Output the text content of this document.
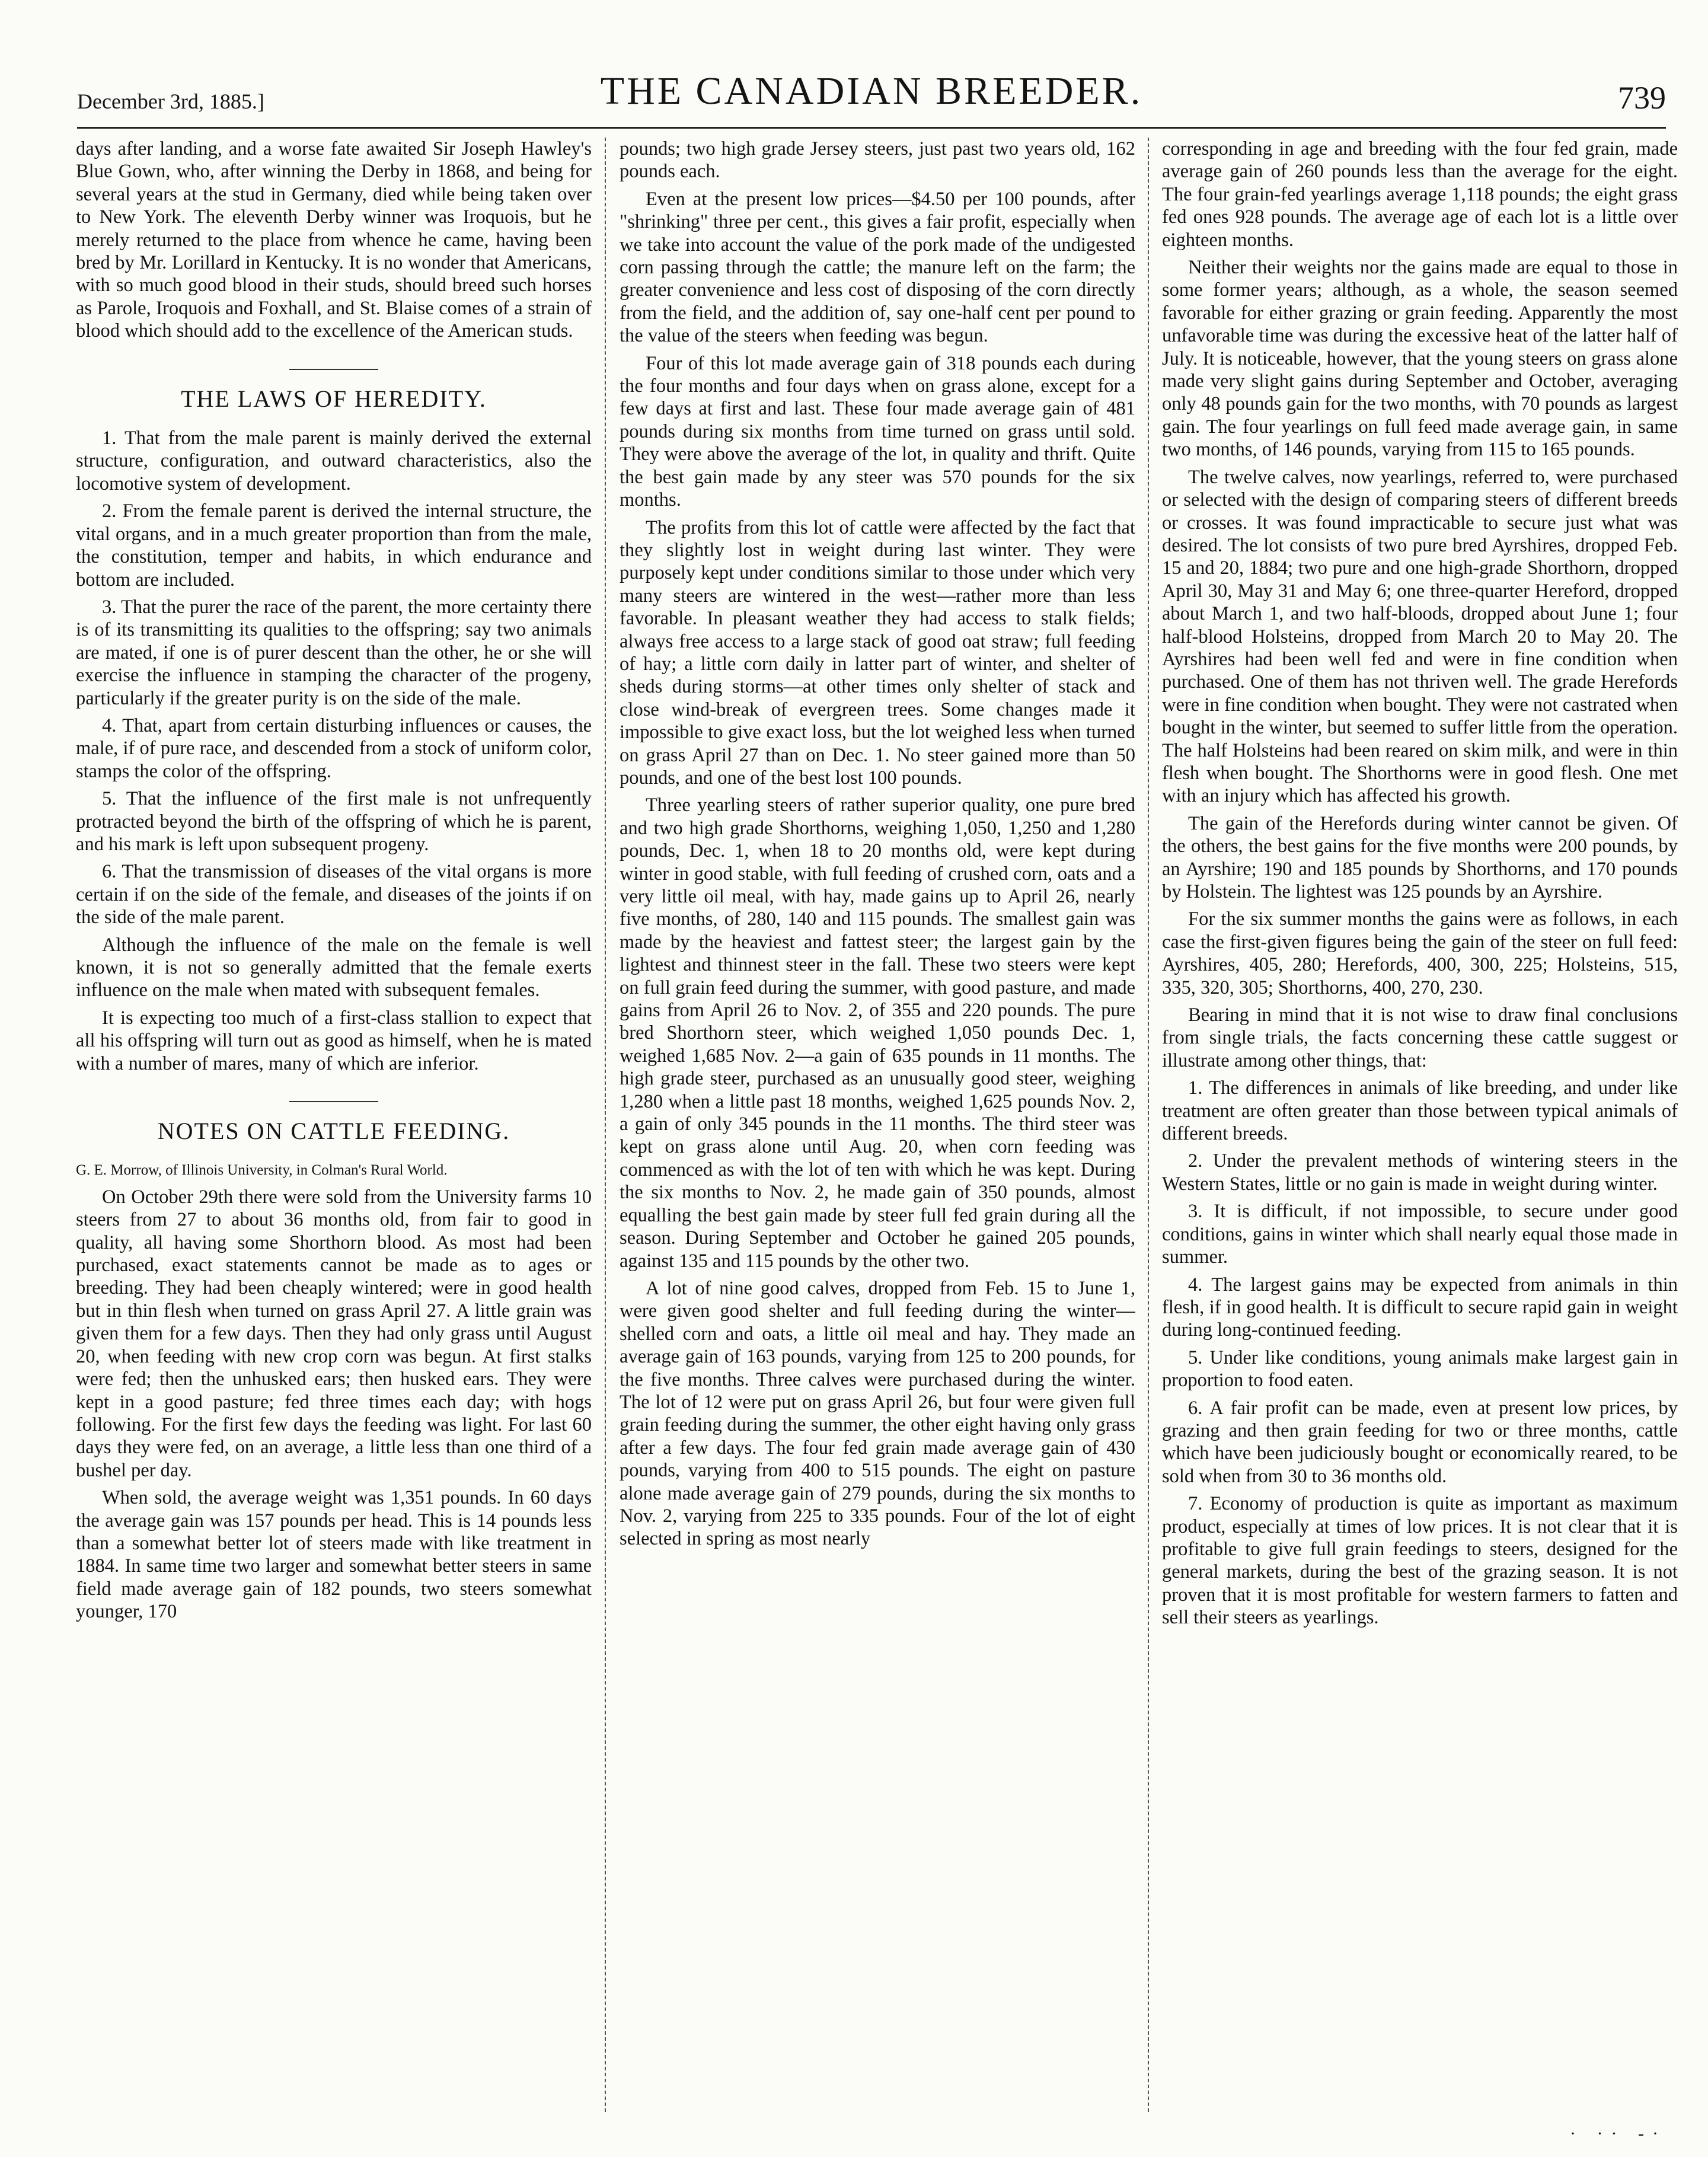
December 3rd, 1885.]	THE CANADIAN BREEDER.	739

days after landing, and a worse fate awaited Sir Joseph Hawley's Blue Gown, who, after winning the Derby in 1868, and being for several years at the stud in Germany, died while being taken over to New York. The eleventh Derby winner was Iroquois, but he merely returned to the place from whence he came, having been bred by Mr. Lorillard in Kentucky. It is no wonder that Americans, with so much good blood in their studs, should breed such horses as Parole, Iroquois and Foxhall, and St. Blaise comes of a strain of blood which should add to the excellence of the American studs.

THE LAWS OF HEREDITY.

1. That from the male parent is mainly derived the external structure, configuration, and outward characteristics, also the locomotive system of development.

2. From the female parent is derived the internal structure, the vital organs, and in a much greater proportion than from the male, the constitution, temper and habits, in which endurance and bottom are included.

3. That the purer the race of the parent, the more certainty there is of its transmitting its qualities to the offspring; say two animals are mated, if one is of purer descent than the other, he or she will exercise the influence in stamping the character of the progeny, particularly if the greater purity is on the side of the male.

4. That, apart from certain disturbing influences or causes, the male, if of pure race, and descended from a stock of uniform color, stamps the color of the offspring.

5. That the influence of the first male is not unfrequently protracted beyond the birth of the offspring of which he is parent, and his mark is left upon subsequent progeny.

6. That the transmission of diseases of the vital organs is more certain if on the side of the female, and diseases of the joints if on the side of the male parent.

Although the influence of the male on the female is well known, it is not so generally admitted that the female exerts influence on the male when mated with subsequent females.

It is expecting too much of a first-class stallion to expect that all his offspring will turn out as good as himself, when he is mated with a number of mares, many of which are inferior.

NOTES ON CATTLE FEEDING.

G. E. Morrow, of Illinois University, in Colman's Rural World.

On October 29th there were sold from the University farms 10 steers from 27 to about 36 months old, from fair to good in quality, all having some Shorthorn blood. As most had been purchased, exact statements cannot be made as to ages or breeding. They had been cheaply wintered; were in good health but in thin flesh when turned on grass April 27. A little grain was given them for a few days. Then they had only grass until August 20, when feeding with new crop corn was begun. At first stalks were fed; then the unhusked ears; then husked ears. They were kept in a good pasture; fed three times each day; with hogs following. For the first few days the feeding was light. For last 60 days they were fed, on an average, a little less than one third of a bushel per day.

When sold, the average weight was 1,351 pounds. In 60 days the average gain was 157 pounds per head. This is 14 pounds less than a somewhat better lot of steers made with like treatment in 1884. In same time two larger and somewhat better steers in same field made average gain of 182 pounds, two steers somewhat younger, 170

pounds; two high grade Jersey steers, just past two years old, 162 pounds each.

Even at the present low prices—$4.50 per 100 pounds, after "shrinking" three per cent., this gives a fair profit, especially when we take into account the value of the pork made of the undigested corn passing through the cattle; the manure left on the farm; the greater convenience and less cost of disposing of the corn directly from the field, and the addition of, say one-half cent per pound to the value of the steers when feeding was begun.

Four of this lot made average gain of 318 pounds each during the four months and four days when on grass alone, except for a few days at first and last. These four made average gain of 481 pounds during six months from time turned on grass until sold. They were above the average of the lot, in quality and thrift. Quite the best gain made by any steer was 570 pounds for the six months.

The profits from this lot of cattle were affected by the fact that they slightly lost in weight during last winter. They were purposely kept under conditions similar to those under which very many steers are wintered in the west—rather more than less favorable. In pleasant weather they had access to stalk fields; always free access to a large stack of good oat straw; full feeding of hay; a little corn daily in latter part of winter, and shelter of sheds during storms—at other times only shelter of stack and close wind-break of evergreen trees. Some changes made it impossible to give exact loss, but the lot weighed less when turned on grass April 27 than on Dec. 1. No steer gained more than 50 pounds, and one of the best lost 100 pounds.

Three yearling steers of rather superior quality, one pure bred and two high grade Shorthorns, weighing 1,050, 1,250 and 1,280 pounds, Dec. 1, when 18 to 20 months old, were kept during winter in good stable, with full feeding of crushed corn, oats and a very little oil meal, with hay, made gains up to April 26, nearly five months, of 280, 140 and 115 pounds. The smallest gain was made by the heaviest and fattest steer; the largest gain by the lightest and thinnest steer in the fall. These two steers were kept on full grain feed during the summer, with good pasture, and made gains from April 26 to Nov. 2, of 355 and 220 pounds. The pure bred Shorthorn steer, which weighed 1,050 pounds Dec. 1, weighed 1,685 Nov. 2—a gain of 635 pounds in 11 months. The high grade steer, purchased as an unusually good steer, weighing 1,280 when a little past 18 months, weighed 1,625 pounds Nov. 2, a gain of only 345 pounds in the 11 months. The third steer was kept on grass alone until Aug. 20, when corn feeding was commenced as with the lot of ten with which he was kept. During the six months to Nov. 2, he made gain of 350 pounds, almost equalling the best gain made by steer full fed grain during all the season. During September and October he gained 205 pounds, against 135 and 115 pounds by the other two.

A lot of nine good calves, dropped from Feb. 15 to June 1, were given good shelter and full feeding during the winter—shelled corn and oats, a little oil meal and hay. They made an average gain of 163 pounds, varying from 125 to 200 pounds, for the five months. Three calves were purchased during the winter. The lot of 12 were put on grass April 26, but four were given full grain feeding during the summer, the other eight having only grass after a few days. The four fed grain made average gain of 430 pounds, varying from 400 to 515 pounds. The eight on pasture alone made average gain of 279 pounds, during the six months to Nov. 2, varying from 225 to 335 pounds. Four of the lot of eight selected in spring as most nearly

corresponding in age and breeding with the four fed grain, made average gain of 260 pounds less than the average for the eight. The four grain-fed yearlings average 1,118 pounds; the eight grass fed ones 928 pounds. The average age of each lot is a little over eighteen months.

Neither their weights nor the gains made are equal to those in some former years; although, as a whole, the season seemed favorable for either grazing or grain feeding. Apparently the most unfavorable time was during the excessive heat of the latter half of July. It is noticeable, however, that the young steers on grass alone made very slight gains during September and October, averaging only 48 pounds gain for the two months, with 70 pounds as largest gain. The four yearlings on full feed made average gain, in same two months, of 146 pounds, varying from 115 to 165 pounds.

The twelve calves, now yearlings, referred to, were purchased or selected with the design of comparing steers of different breeds or crosses. It was found impracticable to secure just what was desired. The lot consists of two pure bred Ayrshires, dropped Feb. 15 and 20, 1884; two pure and one high-grade Shorthorn, dropped April 30, May 31 and May 6; one three-quarter Hereford, dropped about March 1, and two half-bloods, dropped about June 1; four half-blood Holsteins, dropped from March 20 to May 20. The Ayrshires had been well fed and were in fine condition when purchased. One of them has not thriven well. The grade Herefords were in fine condition when bought. They were not castrated when bought in the winter, but seemed to suffer little from the operation. The half Holsteins had been reared on skim milk, and were in thin flesh when bought. The Shorthorns were in good flesh. One met with an injury which has affected his growth.

The gain of the Herefords during winter cannot be given. Of the others, the best gains for the five months were 200 pounds, by an Ayrshire; 190 and 185 pounds by Shorthorns, and 170 pounds by Holstein. The lightest was 125 pounds by an Ayrshire.

For the six summer months the gains were as follows, in each case the first-given figures being the gain of the steer on full feed: Ayrshires, 405, 280; Herefords, 400, 300, 225; Holsteins, 515, 335, 320, 305; Shorthorns, 400, 270, 230.

Bearing in mind that it is not wise to draw final conclusions from single trials, the facts concerning these cattle suggest or illustrate among other things, that:

1. The differences in animals of like breeding, and under like treatment are often greater than those between typical animals of different breeds.

2. Under the prevalent methods of wintering steers in the Western States, little or no gain is made in weight during winter.

3. It is difficult, if not impossible, to secure under good conditions, gains in winter which shall nearly equal those made in summer.

4. The largest gains may be expected from animals in thin flesh, if in good health. It is difficult to secure rapid gain in weight during long-continued feeding.

5. Under like conditions, young animals make largest gain in proportion to food eaten.

6. A fair profit can be made, even at present low prices, by grazing and then grain feeding for two or three months, cattle which have been judiciously bought or economically reared, to be sold when from 30 to 36 months old.

7. Economy of production is quite as important as maximum product, especially at times of low prices. It is not clear that it is profitable to give full grain feedings to steers, designed for the general markets, during the best of the grazing season. It is not proven that it is most profitable for western farmers to fatten and sell their steers as yearlings.

· ·· -·
